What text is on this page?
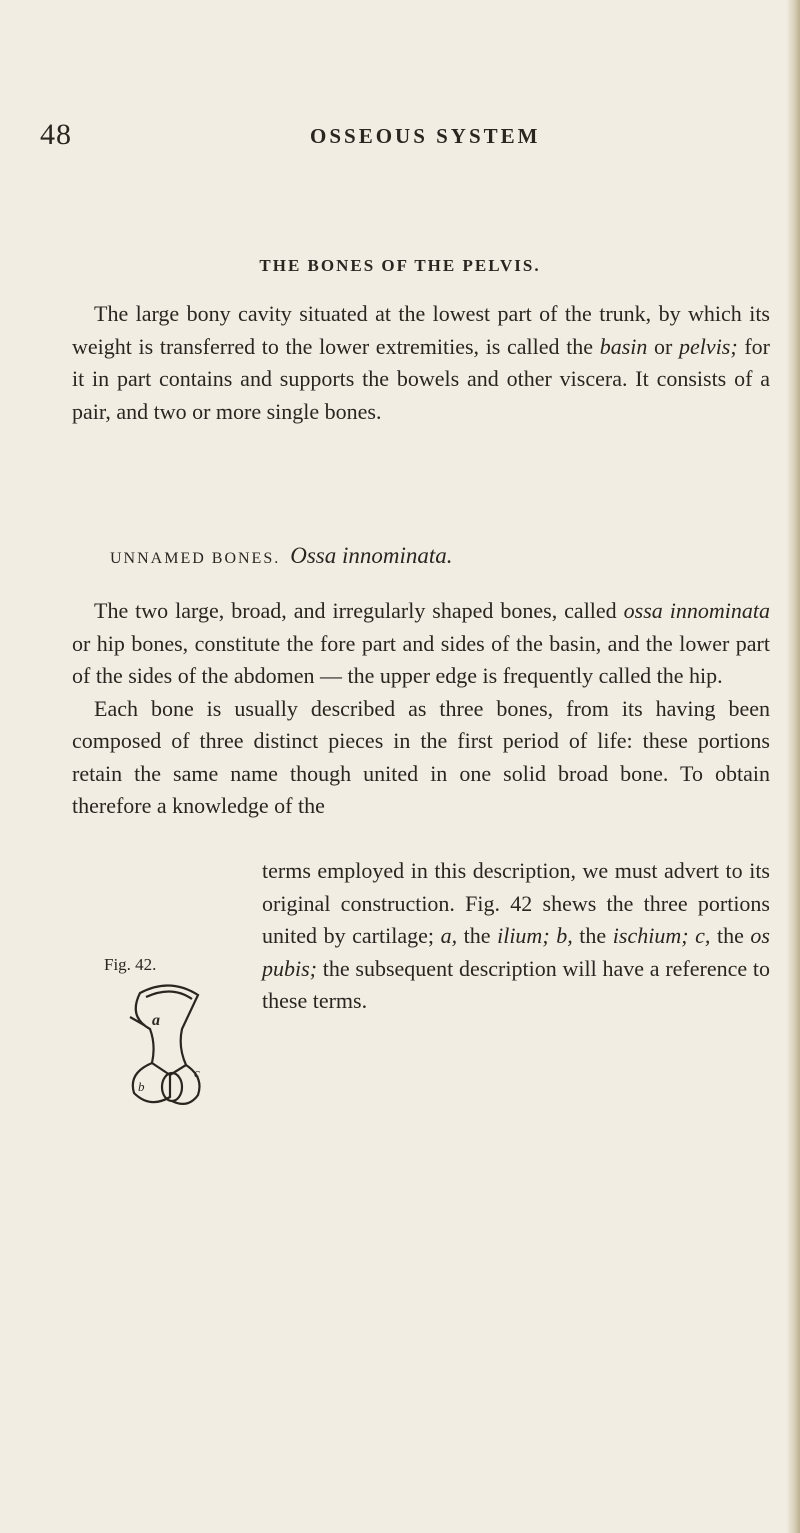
48	OSSEOUS SYSTEM
THE BONES OF THE PELVIS.

The large bony cavity situated at the lowest part of the trunk, by which its weight is transferred to the lower extremities, is called the basin or pelvis; for it in part contains and supports the bowels and other viscera. It consists of a pair, and two or more single bones.

UNNAMED BONES. Ossa innominata.

The two large, broad, and irregularly shaped bones, called ossa innominata or hip bones, constitute the fore part and sides of the basin, and the lower part of the sides of the abdomen — the upper edge is frequently called the hip.

Each bone is usually described as three bones, from its having been composed of three distinct pieces in the first period of life: these portions retain the same name though united in one solid broad bone. To obtain therefore a knowledge of the

Fig. 42.
a
b
c

terms employed in this description, we must advert to its original construction. Fig. 42 shews the three portions united by cartilage; a, the ilium; b, the ischium; c, the os pubis; the subsequent description will have a reference to these terms.
